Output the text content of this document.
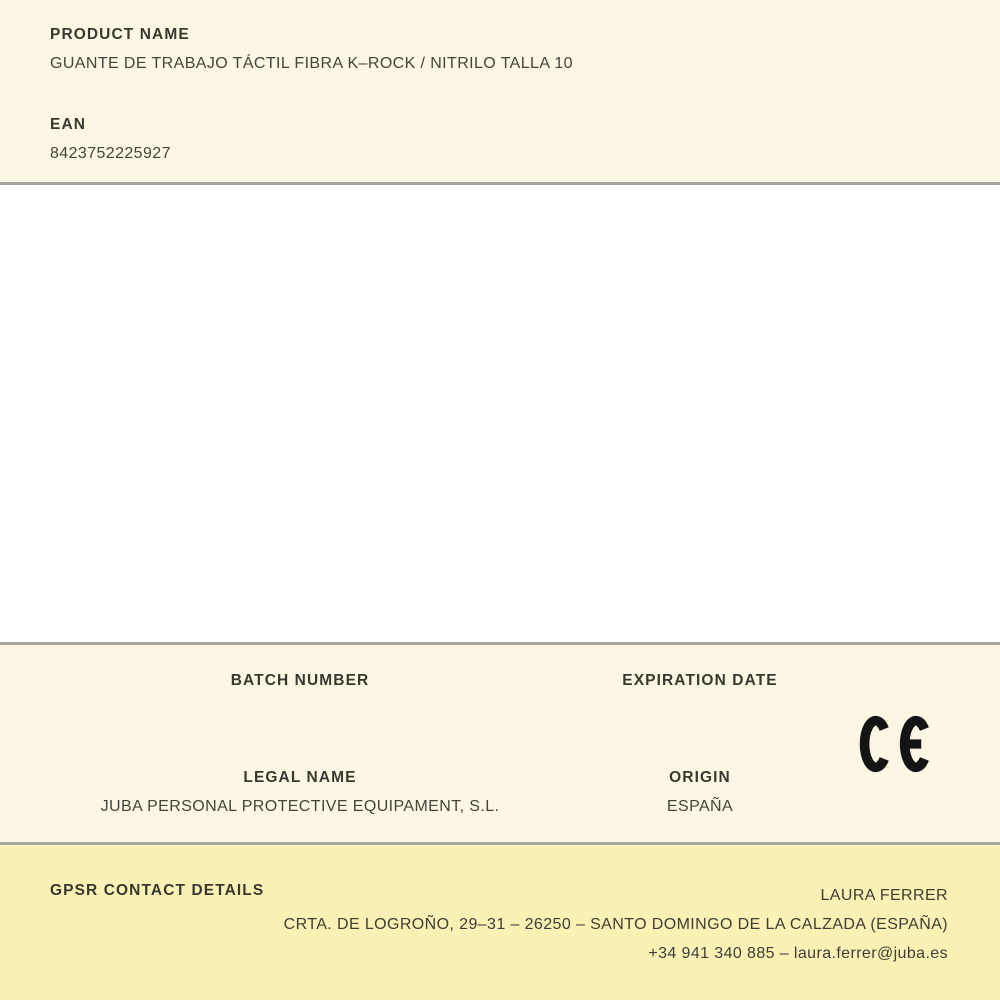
PRODUCT NAME
GUANTE DE TRABAJO TÁCTIL FIBRA K–ROCK / NITRILO TALLA 10
EAN
8423752225927
BATCH NUMBER	EXPIRATION DATE
LEGAL NAME
JUBA PERSONAL PROTECTIVE EQUIPAMENT, S.L.
ORIGIN
ESPAÑA
GPSR CONTACT DETAILS	LAURA FERRER
CRTA. DE LOGROÑO, 29–31 – 26250 – SANTO DOMINGO DE LA CALZADA (ESPAÑA)
+34 941 340 885 – laura.ferrer@juba.es
